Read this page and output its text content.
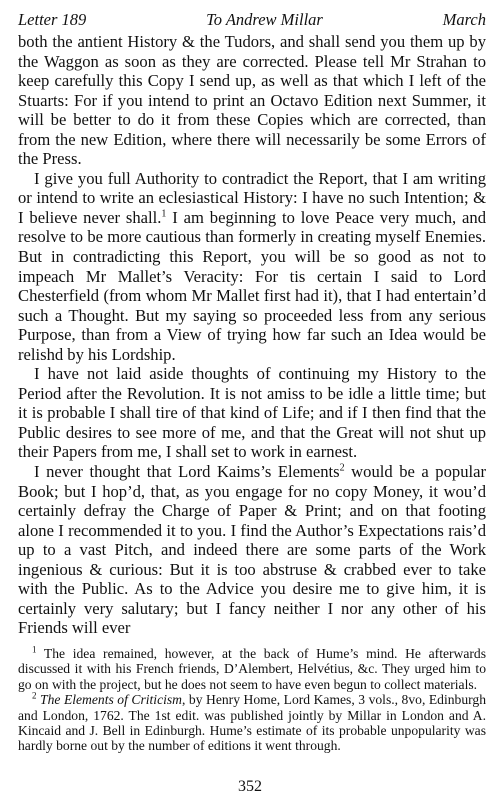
Letter 189	To Andrew Millar	March

both the antient History & the Tudors, and shall send you them up by the Waggon as soon as they are corrected. Please tell Mr Strahan to keep carefully this Copy I send up, as well as that which I left of the Stuarts: For if you intend to print an Octavo Edition next Summer, it will be better to do it from these Copies which are corrected, than from the new Edition, where there will necessarily be some Errors of the Press.

I give you full Authority to contradict the Report, that I am writing or intend to write an eclesiastical History: I have no such Intention; & I believe never shall.$^1$ I am beginning to love Peace very much, and resolve to be more cautious than formerly in creating myself Enemies. But in contradicting this Report, you will be so good as not to impeach Mr Mallet’s Veracity: For tis certain I said to Lord Chesterfield (from whom Mr Mallet first had it), that I had entertain’d such a Thought. But my saying so proceeded less from any serious Purpose, than from a View of trying how far such an Idea would be relishd by his Lordship.

I have not laid aside thoughts of continuing my History to the Period after the Revolution. It is not amiss to be idle a little time; but it is probable I shall tire of that kind of Life; and if I then find that the Public desires to see more of me, and that the Great will not shut up their Papers from me, I shall set to work in earnest.

I never thought that Lord Kaims’s Elements$^2$ would be a popular Book; but I hop’d, that, as you engage for no copy Money, it wou’d certainly defray the Charge of Paper & Print; and on that footing alone I recommended it to you. I find the Author’s Expectations rais’d up to a vast Pitch, and indeed there are some parts of the Work ingenious & curious: But it is too abstruse & crabbed ever to take with the Public. As to the Advice you desire me to give him, it is certainly very salutary; but I fancy neither I nor any other of his Friends will ever

$^1$ The idea remained, however, at the back of Hume’s mind. He afterwards discussed it with his French friends, D’Alembert, Helvétius, &c. They urged him to go on with the project, but he does not seem to have even begun to collect materials.

$^2$ The Elements of Criticism, by Henry Home, Lord Kames, 3 vols., 8vo, Edinburgh and London, 1762. The 1st edit. was published jointly by Millar in London and A. Kincaid and J. Bell in Edinburgh. Hume’s estimate of its probable unpopularity was hardly borne out by the number of editions it went through.

352
